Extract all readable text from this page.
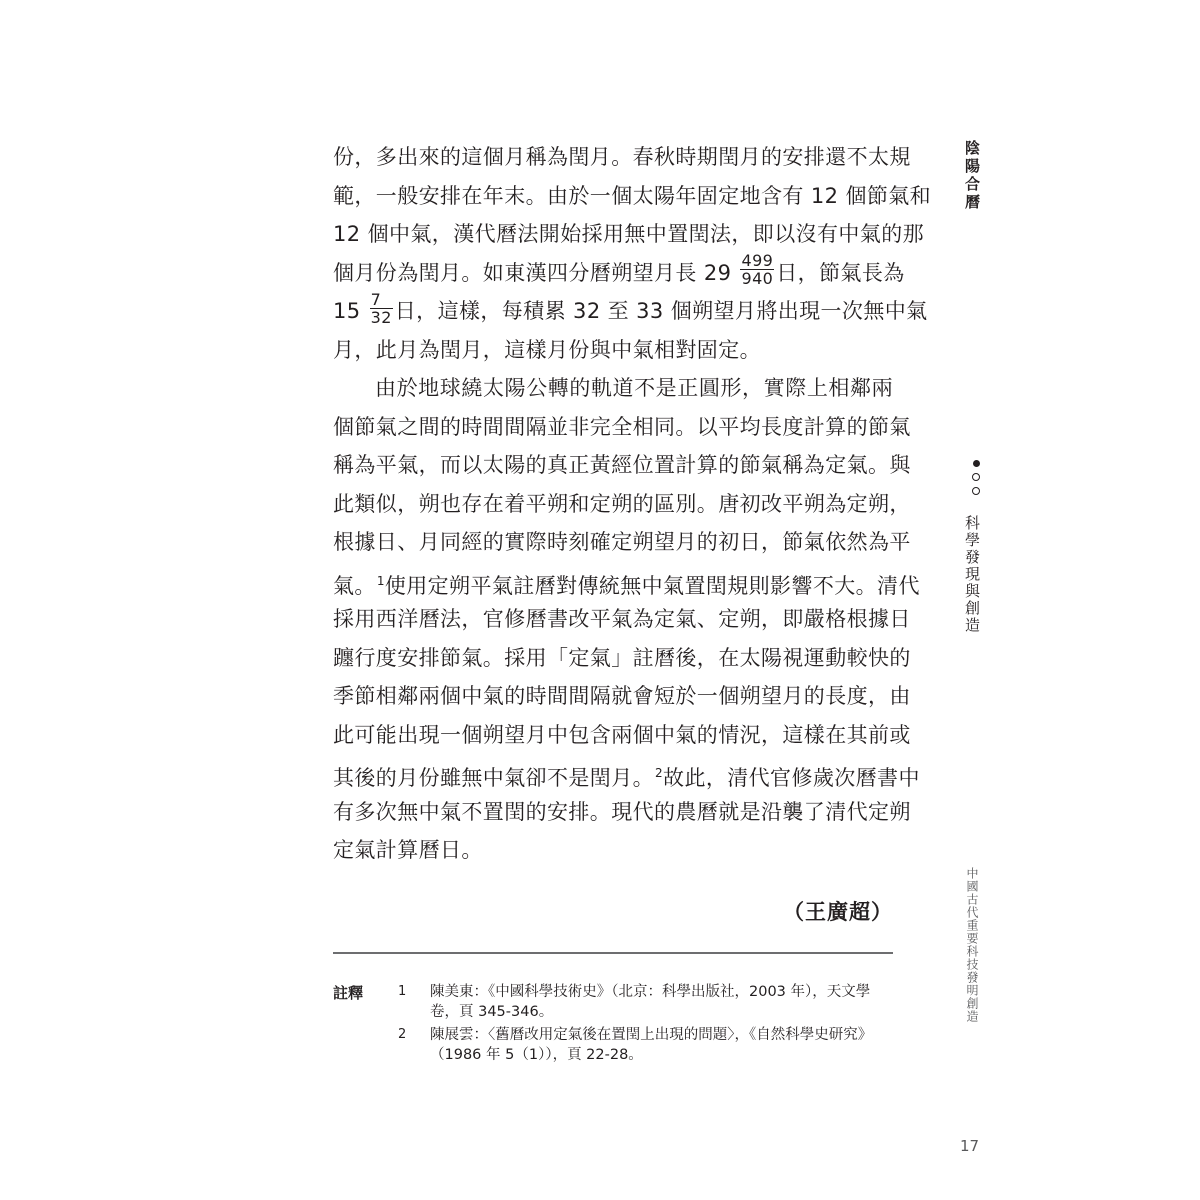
份，多出來的這個月稱為閏月。春秋時期閏月的安排還不太規
範，一般安排在年末。由於一個太陽年固定地含有 12 個節氣和
12 個中氣，漢代曆法開始採用無中置閏法，即以沒有中氣的那
個月份為閏月。如東漢四分曆朔望月長 $29 \frac{499}{940}$ 日，節氣長為
$15 \frac{7}{32}$ 日，這樣，每積累 32 至 33 個朔望月將出現一次無中氣
月，此月為閏月，這樣月份與中氣相對固定。
由於地球繞太陽公轉的軌道不是正圓形，實際上相鄰兩
個節氣之間的時間間隔並非完全相同。以平均長度計算的節氣
稱為平氣，而以太陽的真正黃經位置計算的節氣稱為定氣。與
此類似，朔也存在着平朔和定朔的區別。唐初改平朔為定朔，
根據日、月同經的實際時刻確定朔望月的初日，節氣依然為平
氣。$^1$使用定朔平氣註曆對傳統無中氣置閏規則影響不大。清代
採用西洋曆法，官修曆書改平氣為定氣、定朔，即嚴格根據日
躔行度安排節氣。採用「定氣」註曆後，在太陽視運動較快的
季節相鄰兩個中氣的時間間隔就會短於一個朔望月的長度，由
此可能出現一個朔望月中包含兩個中氣的情況，這樣在其前或
其後的月份雖無中氣卻不是閏月。$^2$故此，清代官修歲次曆書中
有多次無中氣不置閏的安排。現代的農曆就是沿襲了清代定朔
定氣計算曆日。
（王廣超）
註釋	1	陳美東：《中國科學技術史》（北京：科學出版社，2003 年），天文學卷，頁 345-346。
2	陳展雲：〈舊曆改用定氣後在置閏上出現的問題〉，《自然科學史研究》（1986 年 5（1）），頁 22-28。
陰陽合曆
科學發現與創造
中國古代重要科技發明創造
17
